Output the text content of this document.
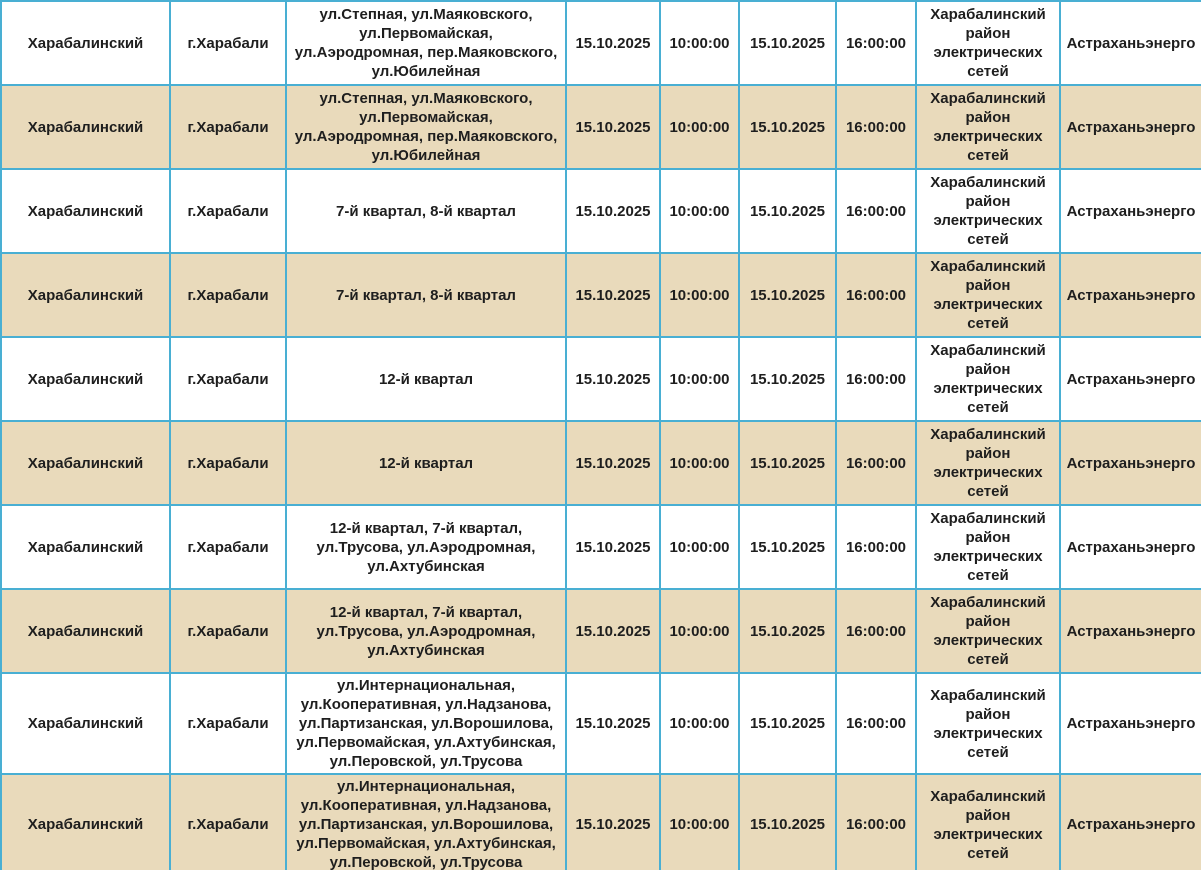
Харабалинский	г.Харабали	ул.Степная, ул.Маяковского, ул.Первомайская, ул.Аэродромная, пер.Маяковского, ул.Юбилейная	15.10.2025	10:00:00	15.10.2025	16:00:00	Харабалинский район электрических сетей	Астраханьэнерго
Харабалинский	г.Харабали	ул.Степная, ул.Маяковского, ул.Первомайская, ул.Аэродромная, пер.Маяковского, ул.Юбилейная	15.10.2025	10:00:00	15.10.2025	16:00:00	Харабалинский район электрических сетей	Астраханьэнерго
Харабалинский	г.Харабали	7-й квартал, 8-й квартал	15.10.2025	10:00:00	15.10.2025	16:00:00	Харабалинский район электрических сетей	Астраханьэнерго
Харабалинский	г.Харабали	7-й квартал, 8-й квартал	15.10.2025	10:00:00	15.10.2025	16:00:00	Харабалинский район электрических сетей	Астраханьэнерго
Харабалинский	г.Харабали	12-й квартал	15.10.2025	10:00:00	15.10.2025	16:00:00	Харабалинский район электрических сетей	Астраханьэнерго
Харабалинский	г.Харабали	12-й квартал	15.10.2025	10:00:00	15.10.2025	16:00:00	Харабалинский район электрических сетей	Астраханьэнерго
Харабалинский	г.Харабали	12-й квартал, 7-й квартал, ул.Трусова, ул.Аэродромная, ул.Ахтубинская	15.10.2025	10:00:00	15.10.2025	16:00:00	Харабалинский район электрических сетей	Астраханьэнерго
Харабалинский	г.Харабали	12-й квартал, 7-й квартал, ул.Трусова, ул.Аэродромная, ул.Ахтубинская	15.10.2025	10:00:00	15.10.2025	16:00:00	Харабалинский район электрических сетей	Астраханьэнерго
Харабалинский	г.Харабали	ул.Интернациональная, ул.Кооперативная, ул.Надзанова, ул.Партизанская, ул.Ворошилова, ул.Первомайская, ул.Ахтубинская, ул.Перовской, ул.Трусова	15.10.2025	10:00:00	15.10.2025	16:00:00	Харабалинский район электрических сетей	Астраханьэнерго
Харабалинский	г.Харабали	ул.Интернациональная, ул.Кооперативная, ул.Надзанова, ул.Партизанская, ул.Ворошилова, ул.Первомайская, ул.Ахтубинская, ул.Перовской, ул.Трусова	15.10.2025	10:00:00	15.10.2025	16:00:00	Харабалинский район электрических сетей	Астраханьэнерго
